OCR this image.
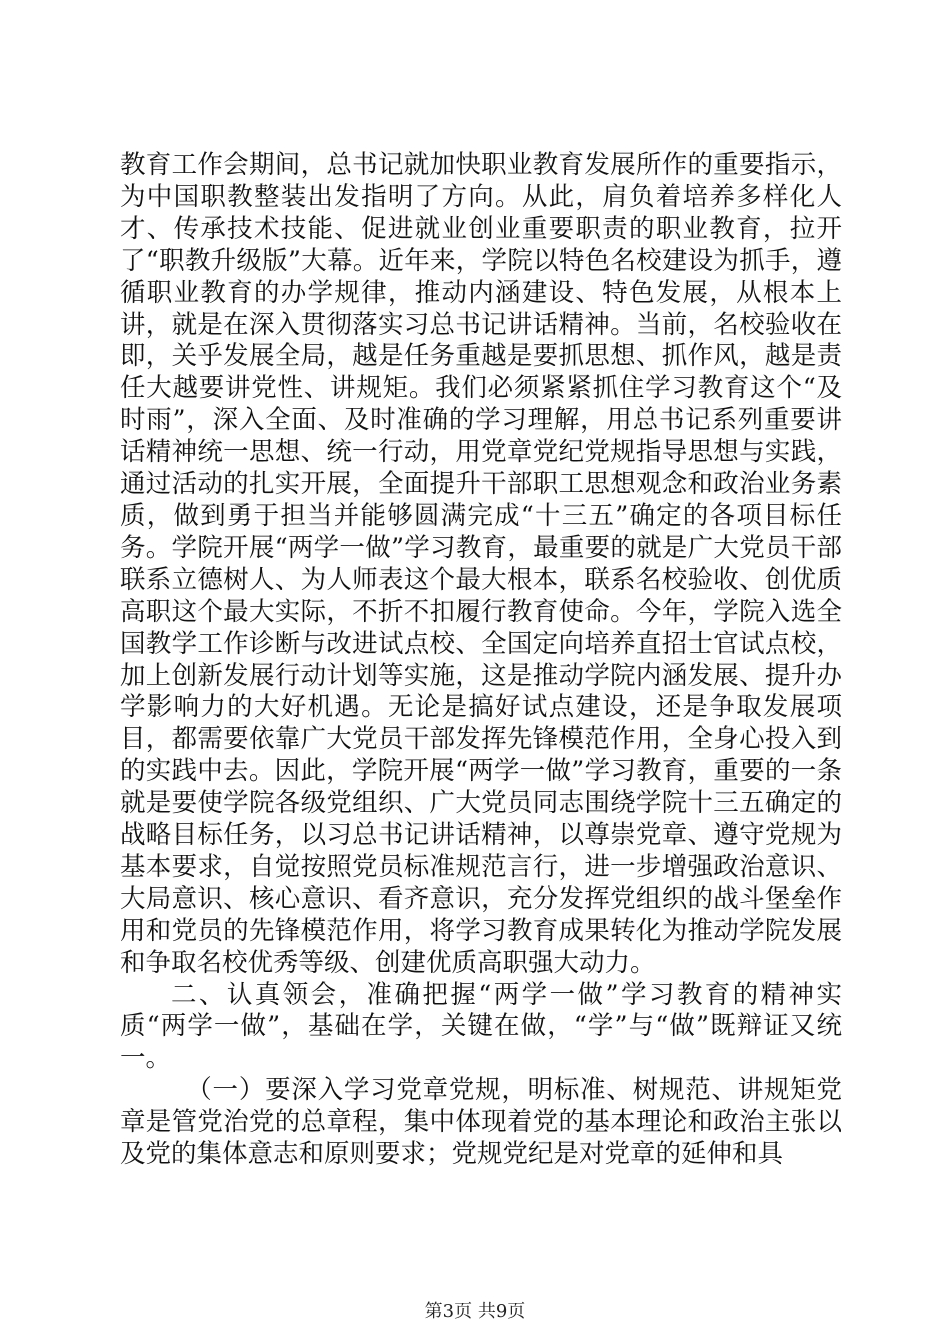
教育工作会期间，总书记就加快职业教育发展所作的重要指示，为中国职教整装出发指明了方向。从此，肩负着培养多样化人才、传承技术技能、促进就业创业重要职责的职业教育，拉开了“职教升级版”大幕。近年来，学院以特色名校建设为抓手，遵循职业教育的办学规律，推动内涵建设、特色发展，从根本上讲，就是在深入贯彻落实习总书记讲话精神。当前，名校验收在即，关乎发展全局，越是任务重越是要抓思想、抓作风，越是责任大越要讲党性、讲规矩。我们必须紧紧抓住学习教育这个“及时雨”，深入全面、及时准确的学习理解，用总书记系列重要讲话精神统一思想、统一行动，用党章党纪党规指导思想与实践，通过活动的扎实开展，全面提升干部职工思想观念和政治业务素质，做到勇于担当并能够圆满完成“十三五”确定的各项目标任务。学院开展“两学一做”学习教育，最重要的就是广大党员干部联系立德树人、为人师表这个最大根本，联系名校验收、创优质高职这个最大实际，不折不扣履行教育使命。今年，学院入选全国教学工作诊断与改进试点校、全国定向培养直招士官试点校，加上创新发展行动计划等实施，这是推动学院内涵发展、提升办学影响力的大好机遇。无论是搞好试点建设，还是争取发展项目，都需要依靠广大党员干部发挥先锋模范作用，全身心投入到的实践中去。因此，学院开展“两学一做”学习教育，重要的一条就是要使学院各级党组织、广大党员同志围绕学院十三五确定的战略目标任务，以习总书记讲话精神，以尊崇党章、遵守党规为基本要求，自觉按照党员标准规范言行，进一步增强政治意识、大局意识、核心意识、看齐意识，充分发挥党组织的战斗堡垒作用和党员的先锋模范作用，将学习教育成果转化为推动学院发展和争取名校优秀等级、创建优质高职强大动力。

二、认真领会，准确把握“两学一做”学习教育的精神实质“两学一做”，基础在学，关键在做，“学”与“做”既辩证又统一。

（一）要深入学习党章党规，明标准、树规范、讲规矩党章是管党治党的总章程，集中体现着党的基本理论和政治主张以及党的集体意志和原则要求；党规党纪是对党章的延伸和具

第3页 共9页
